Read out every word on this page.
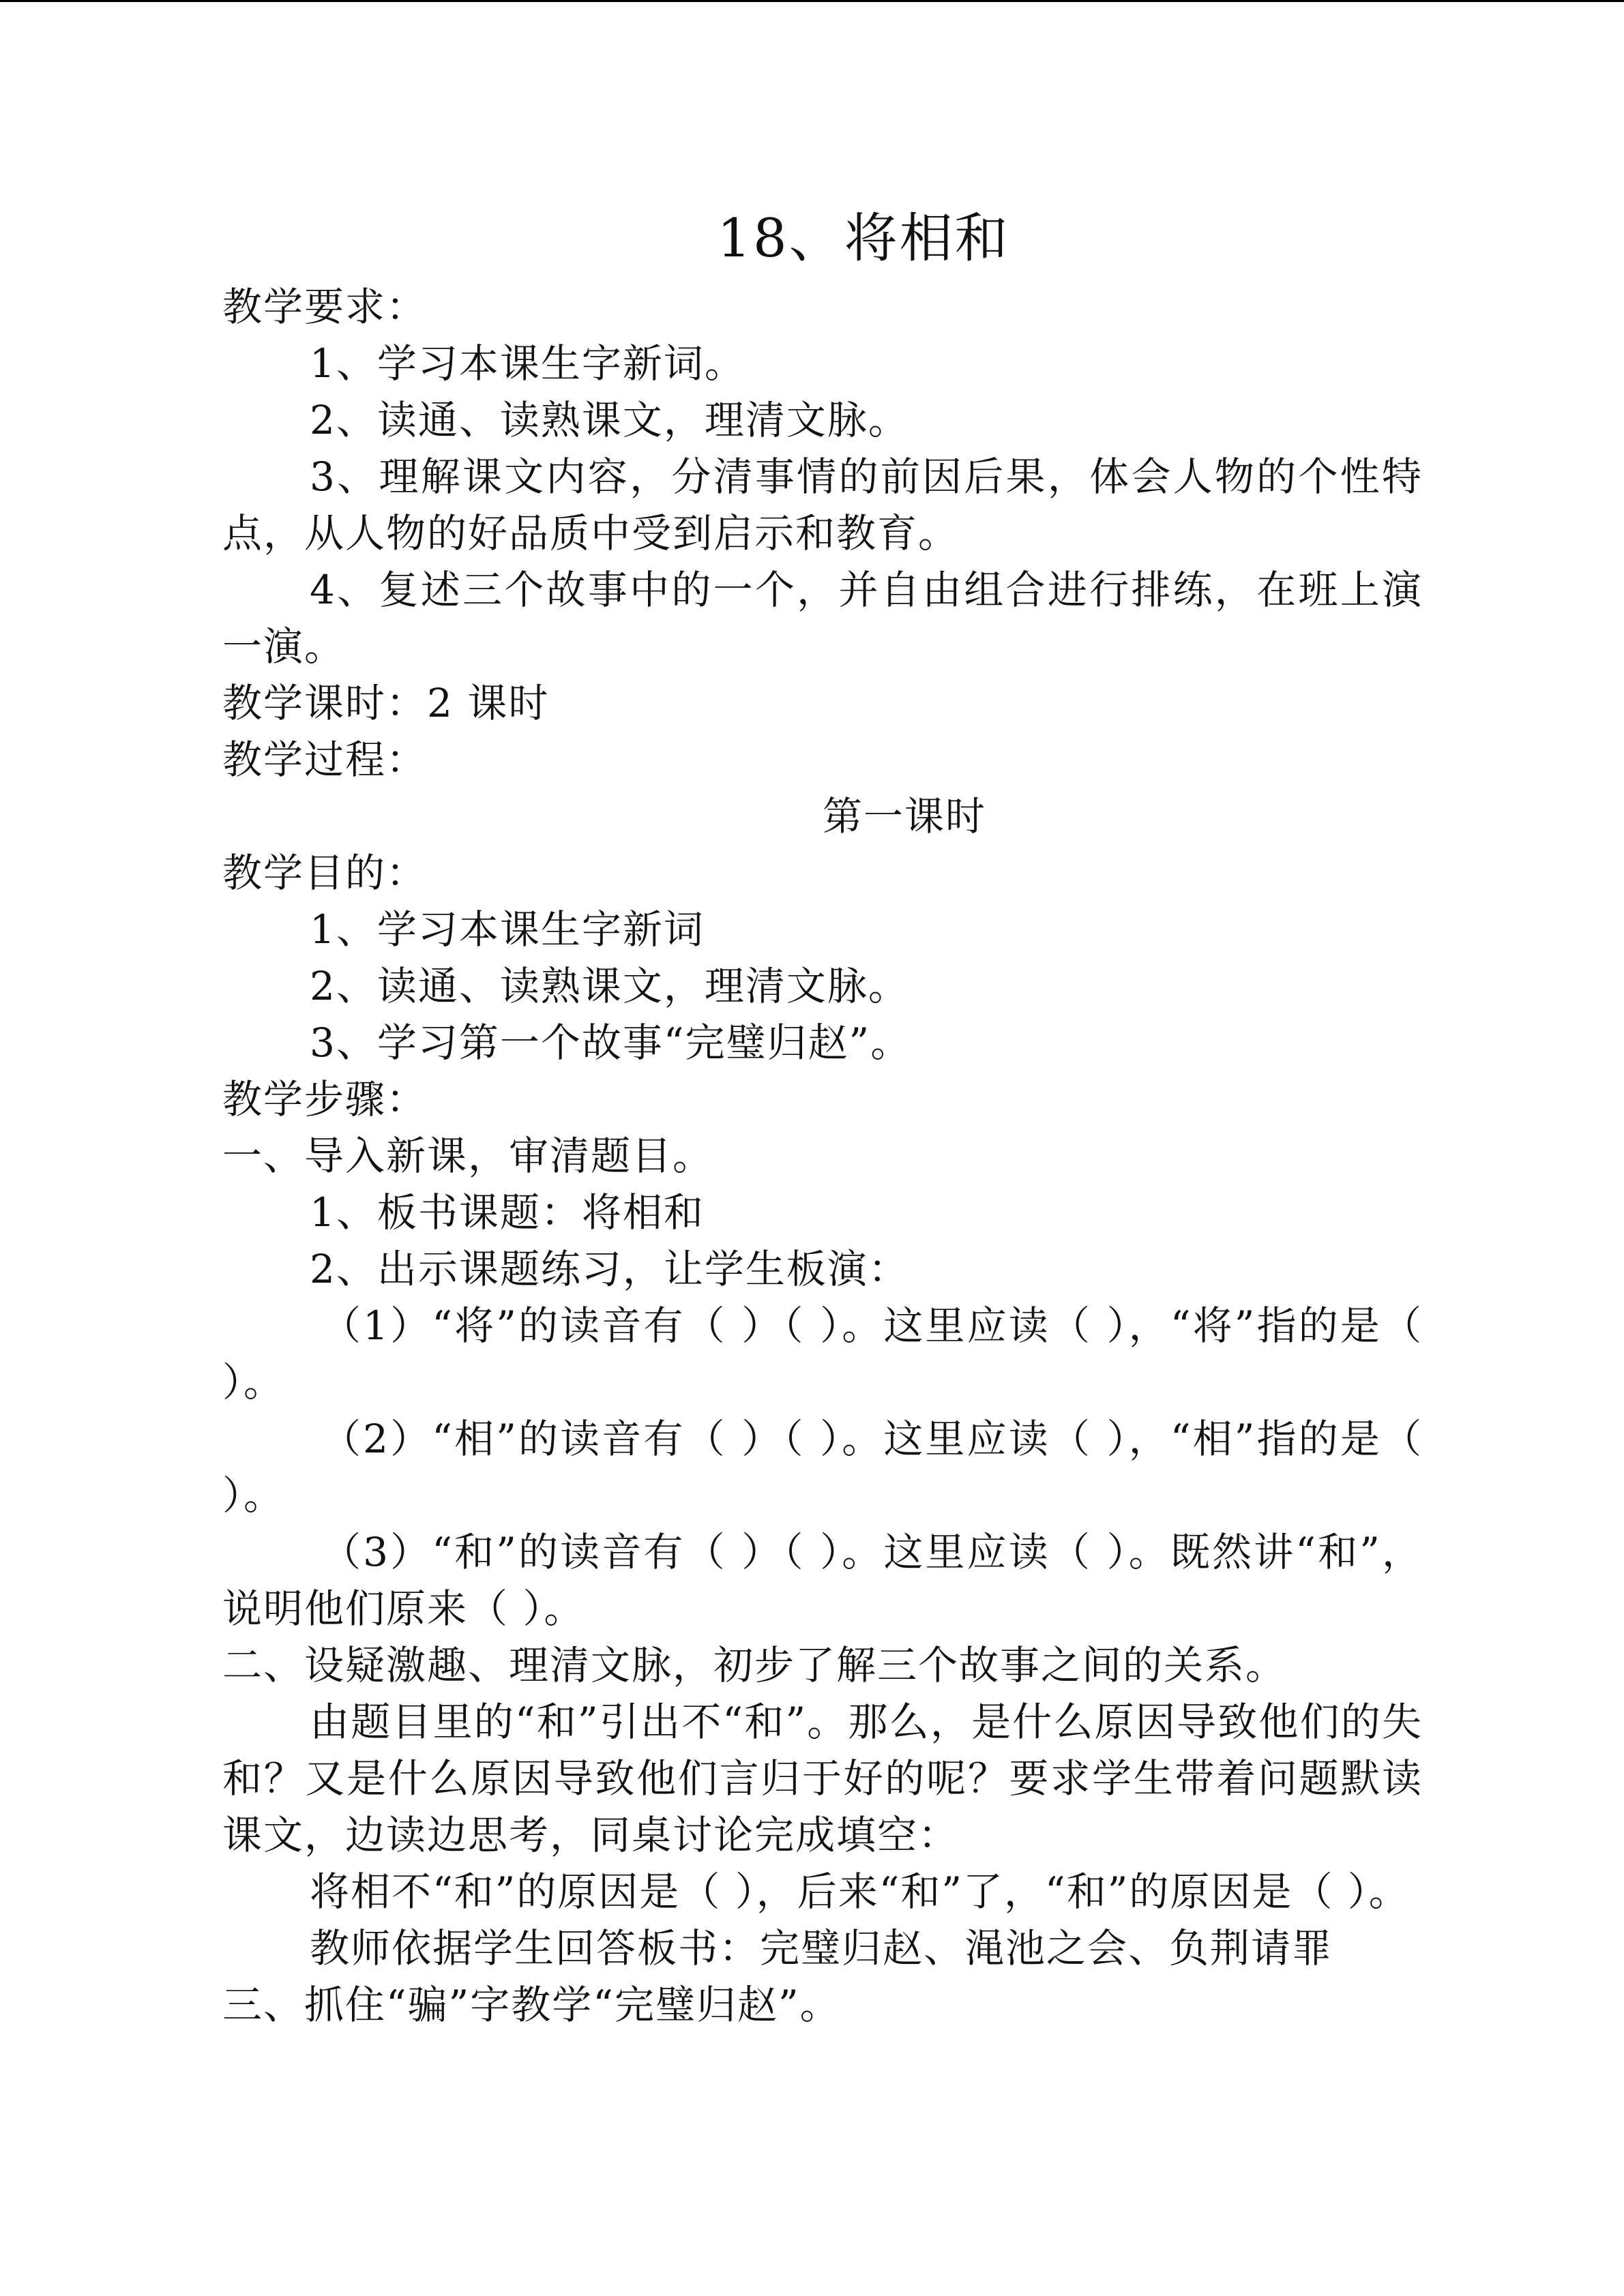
18、将相和

教学要求：

1、学习本课生字新词。

2、读通、读熟课文，理清文脉。

3、理解课文内容，分清事情的前因后果，体会人物的个性特点，从人物的好品质中受到启示和教育。

4、复述三个故事中的一个，并自由组合进行排练，在班上演一演。

教学课时：2 课时

教学过程：

第一课时

教学目的：

1、学习本课生字新词

2、读通、读熟课文，理清文脉。

3、学习第一个故事“完璧归赵”。

教学步骤：

一、导入新课，审清题目。

1、板书课题：将相和

2、出示课题练习，让学生板演：

（1）“将”的读音有（ ）（ ）。这里应读（ ），“将”指的是（ ）。

（2）“相”的读音有（ ）（ ）。这里应读（ ），“相”指的是（ ）。

（3）“和”的读音有（ ）（ ）。这里应读（ ）。既然讲“和”，说明他们原来（ ）。

二、设疑激趣、理清文脉，初步了解三个故事之间的关系。

由题目里的“和”引出不“和”。那么，是什么原因导致他们的失和？又是什么原因导致他们言归于好的呢？要求学生带着问题默读课文，边读边思考，同桌讨论完成填空：

将相不“和”的原因是（ ），后来“和”了，“和”的原因是（ ）。

教师依据学生回答板书：完璧归赵、渑池之会、负荆请罪

三、抓住“骗”字教学“完璧归赵”。
